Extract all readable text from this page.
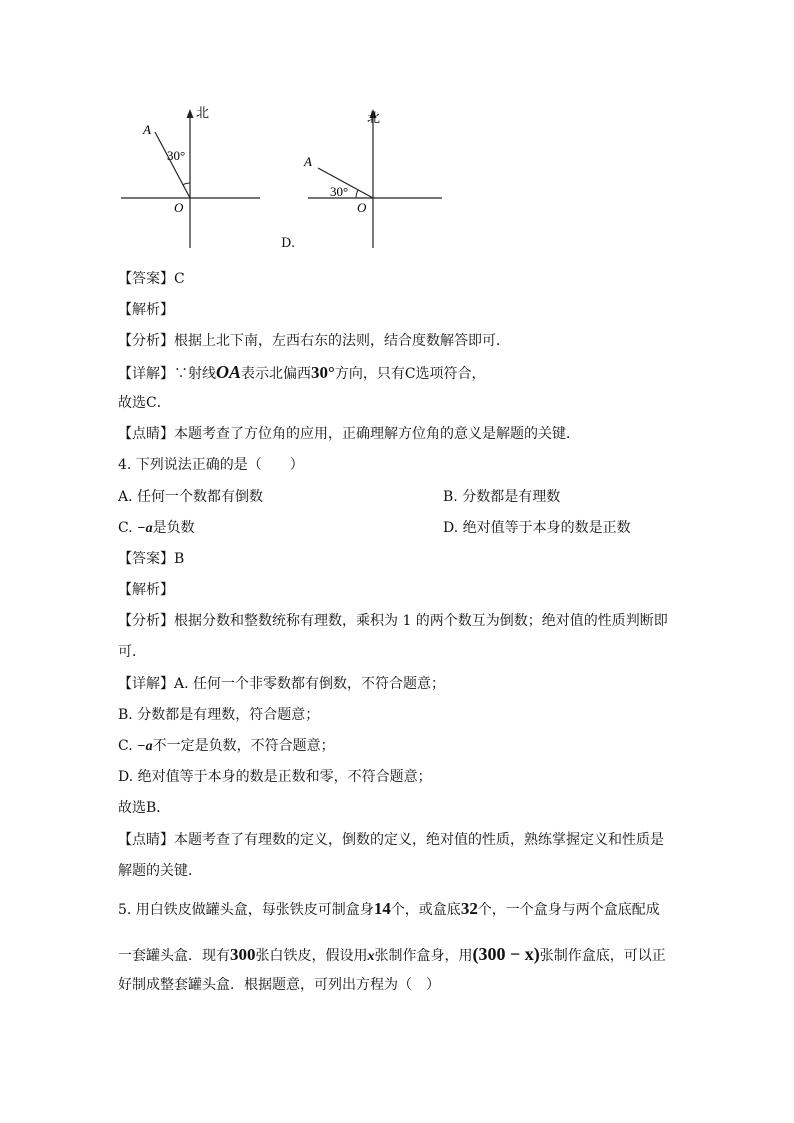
北
A
O
30°
D.
北
A
O
30°
【答案】C
【解析】
【分析】根据上北下南，左西右东的法则，结合度数解答即可．
【详解】∵射线OA表示北偏西30°方向，只有C选项符合，
故选C．
【点睛】本题考查了方位角的应用，正确理解方位角的意义是解题的关键．
4. 下列说法正确的是（　　）
A. 任何一个数都有倒数	B. 分数都是有理数
C. −a是负数	D. 绝对值等于本身的数是正数
【答案】B
【解析】
【分析】根据分数和整数统称有理数，乘积为 1 的两个数互为倒数；绝对值的性质判断即
可．
【详解】A. 任何一个非零数都有倒数，不符合题意；
B. 分数都是有理数，符合题意；
C. −a不一定是负数，不符合题意；
D. 绝对值等于本身的数是正数和零，不符合题意；
故选B．
【点睛】本题考查了有理数的定义，倒数的定义，绝对值的性质，熟练掌握定义和性质是
解题的关键．
5. 用白铁皮做罐头盒，每张铁皮可制盒身14个，或盒底32个，一个盒身与两个盒底配成
一套罐头盒．现有300张白铁皮，假设用x张制作盒身，用(300 − x)张制作盒底，可以正
好制成整套罐头盒．根据题意，可列出方程为（　）
